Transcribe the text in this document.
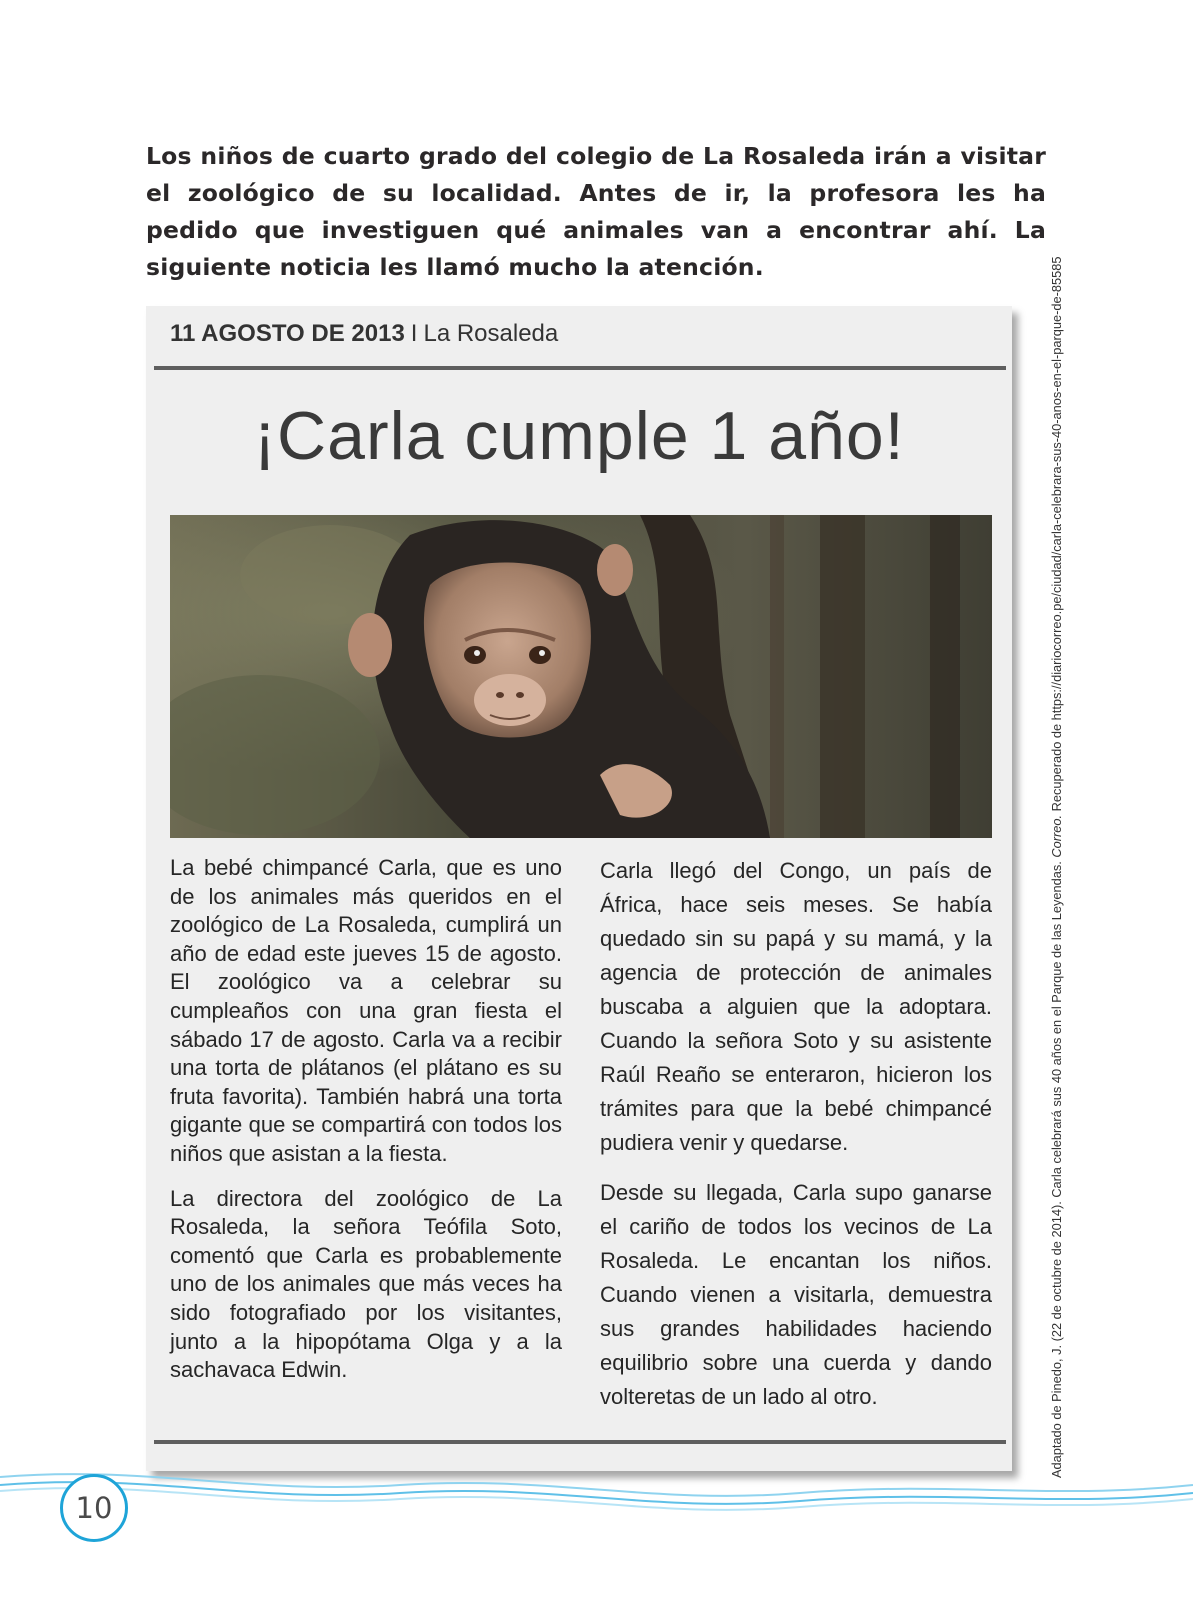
Los niños de cuarto grado del colegio de La Rosaleda irán a visitar el zoológico de su localidad. Antes de ir, la profesora les ha pedido que investiguen qué animales van a encontrar ahí. La siguiente noticia les llamó mucho la atención.

11 AGOSTO DE 2013 I La Rosaleda
¡Carla cumple 1 año!

La bebé chimpancé Carla, que es uno de los animales más queridos en el zoológico de La Rosaleda, cumplirá un año de edad este jueves 15 de agosto. El zoológico va a celebrar su cumpleaños con una gran fiesta el sábado 17 de agosto. Carla va a recibir una torta de plátanos (el plátano es su fruta favorita). También habrá una torta gigante que se compartirá con todos los niños que asistan a la fiesta.

La directora del zoológico de La Rosaleda, la señora Teófila Soto, comentó que Carla es probablemente uno de los animales que más veces ha sido fotografiado por los visitantes, junto a la hipopótama Olga y a la sachavaca Edwin.

Carla llegó del Congo, un país de África, hace seis meses. Se había quedado sin su papá y su mamá, y la agencia de protección de animales buscaba a alguien que la adoptara. Cuando la señora Soto y su asistente Raúl Reaño se enteraron, hicieron los trámites para que la bebé chimpancé pudiera venir y quedarse.

Desde su llegada, Carla supo ganarse el cariño de todos los vecinos de La Rosaleda. Le encantan los niños. Cuando vienen a visitarla, demuestra sus grandes habilidades haciendo equilibrio sobre una cuerda y dando volteretas de un lado al otro.	Adaptado de Pinedo, J. (22 de octubre de 2014). Carla celebrará sus 40 años en el Parque de las Leyendas. Correo. Recuperado de https://diariocorreo.pe/ciudad/carla-celebrara-sus-40-anos-en-el-parque-de-85585
10
